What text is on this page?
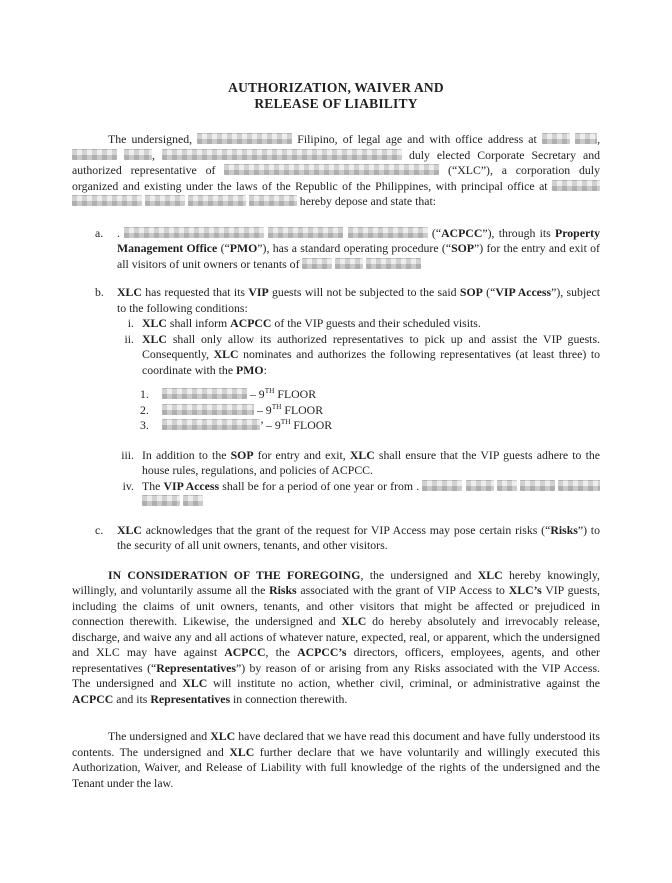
AUTHORIZATION, WAIVER AND
RELEASE OF LIABILITY
The undersigned,	Filipino, of legal age and with office address at	,  ,	duly elected Corporate Secretary and authorized representative of	(“XLC”), a corporation duly organized and existing under the laws of the Republic of the Philippines, with principal office at      hereby depose and state that:
a.	.	(“ACPCC”), through its Property Management Office (“PMO”), has a standard operating procedure (“SOP”) for the entry and exit of all visitors of unit owners or tenants of
b.	XLC has requested that its VIP guests will not be subjected to the said SOP (“VIP Access”), subject to the following conditions:
i. XLC shall inform ACPCC of the VIP guests and their scheduled visits.
ii. XLC shall only allow its authorized representatives to pick up and assist the VIP guests. Consequently, XLC nominates and authorizes the following representatives (at least three) to coordinate with the PMO:
1.	– 9TH FLOOR
2.	– 9TH FLOOR
3.	’ – 9TH FLOOR
iii. In addition to the SOP for entry and exit, XLC shall ensure that the VIP guests adhere to the house rules, regulations, and policies of ACPCC.
iv. The VIP Access shall be for a period of one year or from .
c.	XLC acknowledges that the grant of the request for VIP Access may pose certain risks (“Risks”) to the security of all unit owners, tenants, and other visitors.
IN CONSIDERATION OF THE FOREGOING, the undersigned and XLC hereby knowingly, willingly, and voluntarily assume all the Risks associated with the grant of VIP Access to XLC’s VIP guests, including the claims of unit owners, tenants, and other visitors that might be affected or prejudiced in connection therewith. Likewise, the undersigned and XLC do hereby absolutely and irrevocably release, discharge, and waive any and all actions of whatever nature, expected, real, or apparent, which the undersigned and XLC may have against ACPCC, the ACPCC’s directors, officers, employees, agents, and other representatives (“Representatives”) by reason of or arising from any Risks associated with the VIP Access. The undersigned and XLC will institute no action, whether civil, criminal, or administrative against the ACPCC and its Representatives in connection therewith.
The undersigned and XLC have declared that we have read this document and have fully understood its contents. The undersigned and XLC further declare that we have voluntarily and willingly executed this Authorization, Waiver, and Release of Liability with full knowledge of the rights of the undersigned and the Tenant under the law.
